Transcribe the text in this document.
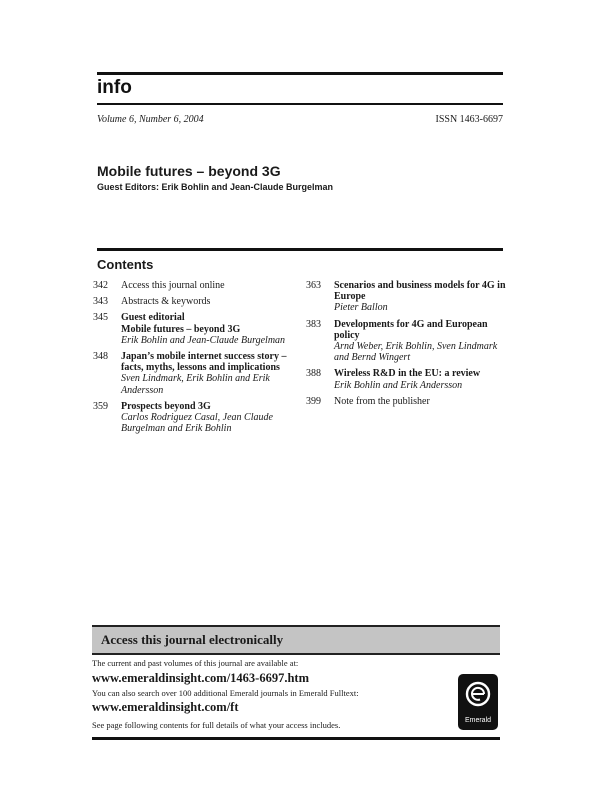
info
Volume 6, Number 6, 2004	ISSN 1463-6697
Mobile futures – beyond 3G
Guest Editors: Erik Bohlin and Jean-Claude Burgelman
Contents
342	Access this journal online
343	Abstracts & keywords
345	Guest editorial
Mobile futures – beyond 3G
Erik Bohlin and Jean-Claude Burgelman
348	Japan’s mobile internet success story – facts, myths, lessons and implications
Sven Lindmark, Erik Bohlin and Erik Andersson
359	Prospects beyond 3G
Carlos Rodriguez Casal, Jean Claude Burgelman and Erik Bohlin
363	Scenarios and business models for 4G in Europe
Pieter Ballon
383	Developments for 4G and European policy
Arnd Weber, Erik Bohlin, Sven Lindmark and Bernd Wingert
388	Wireless R&D in the EU: a review
Erik Bohlin and Erik Andersson
399	Note from the publisher
Access this journal electronically
The current and past volumes of this journal are available at:
www.emeraldinsight.com/1463-6697.htm
You can also search over 100 additional Emerald journals in Emerald Fulltext:
www.emeraldinsight.com/ft
See page following contents for full details of what your access includes.	Emerald
